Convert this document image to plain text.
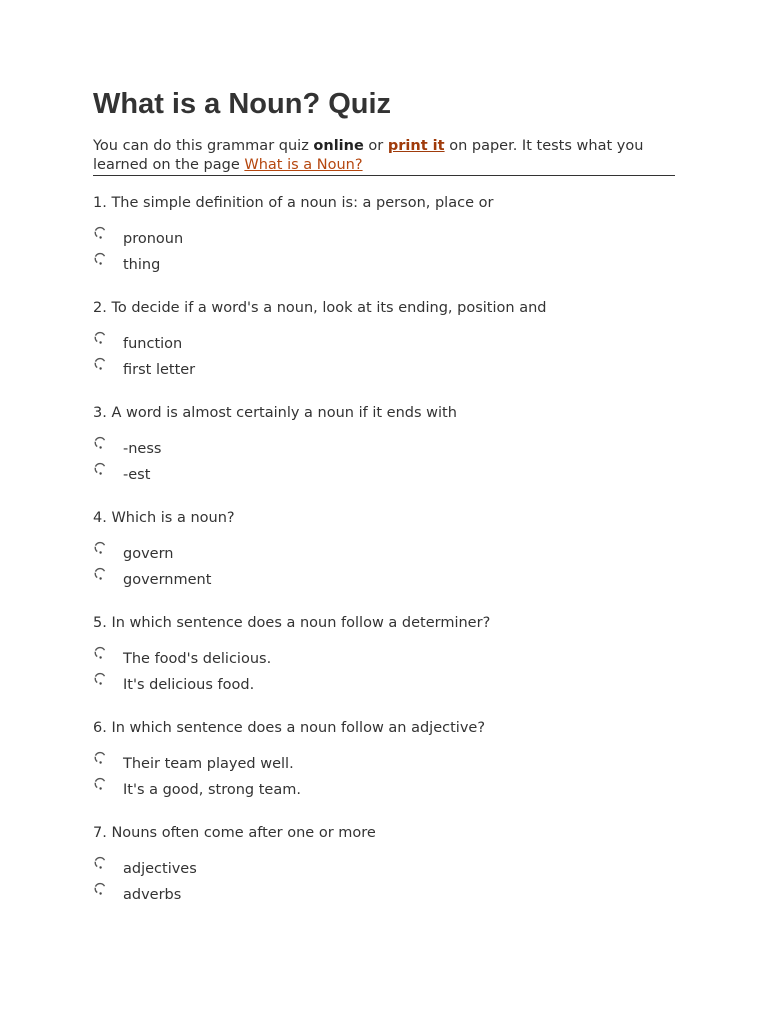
What is a Noun? Quiz
You can do this grammar quiz online or print it on paper. It tests what you learned on the page What is a Noun?

1. The simple definition of a noun is: a person, place or

pronoun
thing

2. To decide if a word's a noun, look at its ending, position and

function
first letter

3. A word is almost certainly a noun if it ends with

-ness
-est

4. Which is a noun?

govern
government

5. In which sentence does a noun follow a determiner?

The food's delicious.
It's delicious food.

6. In which sentence does a noun follow an adjective?

Their team played well.
It's a good, strong team.

7. Nouns often come after one or more

adjectives
adverbs
